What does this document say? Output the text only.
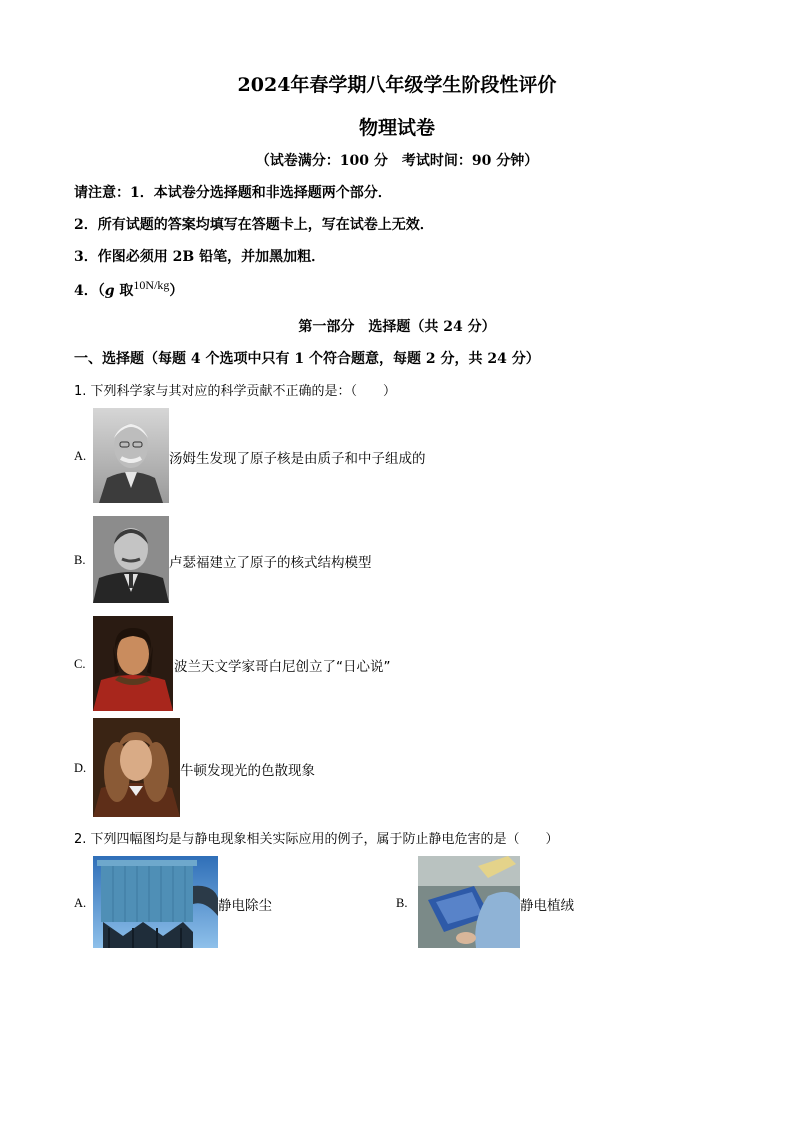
2024年春学期八年级学生阶段性评价
物理试卷
（试卷满分：100 分　考试时间：90 分钟）
请注意：1．本试卷分选择题和非选择题两个部分．
2．所有试题的答案均填写在答题卡上，写在试卷上无效．
3．作图必须用 2B 铅笔，并加黑加粗．
4．（g 取$^{10N/kg}$）
第一部分　选择题（共 24 分）
一、选择题（每题 4 个选项中只有 1 个符合题意，每题 2 分，共 24 分）
1. 下列科学家与其对应的科学贡献不正确的是：（　　）
A.	汤姆生发现了原子核是由质子和中子组成的
B.	卢瑟福建立了原子的核式结构模型
C.	波兰天文学家哥白尼创立了“日心说”
D.	牛顿发现光的色散现象
2. 下列四幅图均是与静电现象相关实际应用的例子，属于防止静电危害的是（　　）
A.	静电除尘	B.	静电植绒
